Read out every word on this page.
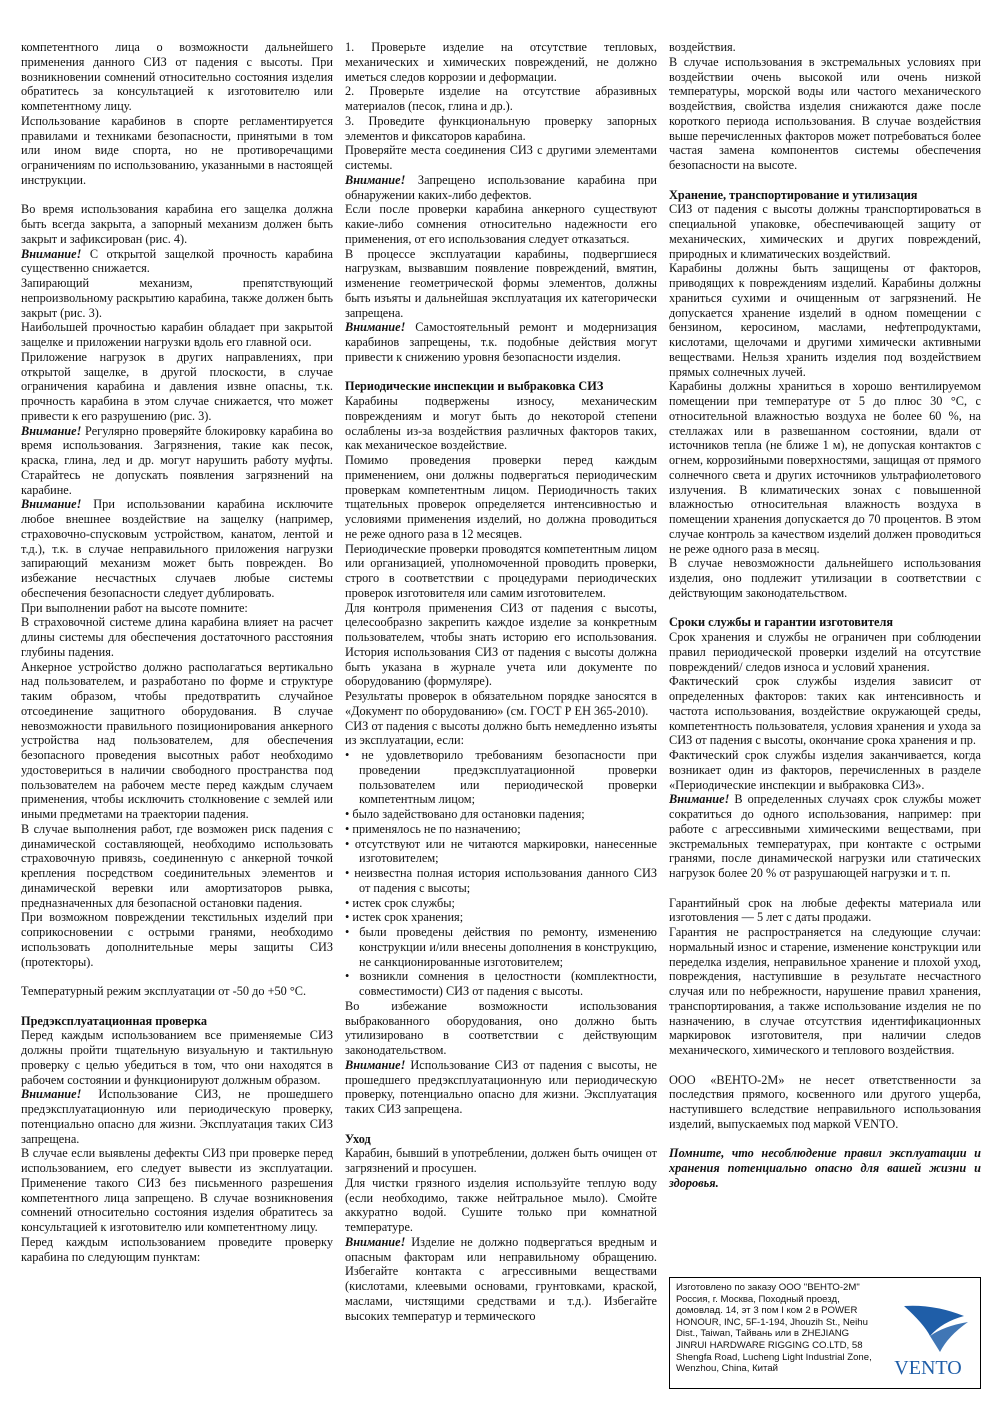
компетентного лица о возможности дальнейшего применения данного СИЗ от падения с высоты. При возникновении сомнений относительно состояния изделия обратитесь за консультацией к изготовителю или компетентному лицу.

Использование карабинов в спорте регламентируется правилами и техниками безопасности, принятыми в том или ином виде спорта, но не противоречащими ограничениям по использованию, указанными в настоящей инструкции.

Во время использования карабина его защелка должна быть всегда закрыта, а запорный механизм должен быть закрыт и зафиксирован (рис. 4).

Внимание! С открытой защелкой прочность карабина существенно снижается.

Запирающий механизм, препятствующий непроизвольному раскрытию карабина, также должен быть закрыт (рис. 3).

Наибольшей прочностью карабин обладает при закрытой защелке и приложении нагрузки вдоль его главной оси.

Приложение нагрузок в других направлениях, при открытой защелке, в другой плоскости, в случае ограничения карабина и давления извне опасны, т.к. прочность карабина в этом случае снижается, что может привести к его разрушению (рис. 3).

Внимание! Регулярно проверяйте блокировку карабина во время использования. Загрязнения, такие как песок, краска, глина, лед и др. могут нарушить работу муфты. Старайтесь не допускать появления загрязнений на карабине.

Внимание! При использовании карабина исключите любое внешнее воздействие на защелку (например, страховочно-спусковым устройством, канатом, лентой и т.д.), т.к. в случае неправильного приложения нагрузки запирающий механизм может быть поврежден. Во избежание несчастных случаев любые системы обеспечения безопасности следует дублировать.

При выполнении работ на высоте помните:

В страховочной системе длина карабина влияет на расчет длины системы для обеспечения достаточного расстояния глубины падения.

Анкерное устройство должно располагаться вертикально над пользователем, и разработано по форме и структуре таким образом, чтобы предотвратить случайное отсоединение защитного оборудования. В случае невозможности правильного позиционирования анкерного устройства над пользователем, для обеспечения безопасного проведения высотных работ необходимо удостовериться в наличии свободного пространства под пользователем на рабочем месте перед каждым случаем применения, чтобы исключить столкновение с землей или иными предметами на траектории падения.

В случае выполнения работ, где возможен риск падения с динамической составляющей, необходимо использовать страховочную привязь, соединенную с анкерной точкой крепления посредством соединительных элементов и динамической веревки или амортизаторов рывка, предназначенных для безопасной остановки падения.

При возможном повреждении текстильных изделий при соприкосновении с острыми гранями, необходимо использовать дополнительные меры защиты СИЗ (протекторы).

Температурный режим эксплуатации от -50 до +50 °С.

Предэксплуатационная проверка

Перед каждым использованием все применяемые СИЗ должны пройти тщательную визуальную и тактильную проверку с целью убедиться в том, что они находятся в рабочем состоянии и функционируют должным образом.

Внимание! Использование СИЗ, не прошедшего предэксплуатационную или периодическую проверку, потенциально опасно для жизни. Эксплуатация таких СИЗ запрещена.

В случае если выявлены дефекты СИЗ при проверке перед использованием, его следует вывести из эксплуатации. Применение такого СИЗ без письменного разрешения компетентного лица запрещено. В случае возникновения сомнений относительно состояния изделия обратитесь за консультацией к изготовителю или компетентному лицу.

Перед каждым использованием проведите проверку карабина по следующим пунктам:

1. Проверьте изделие на отсутствие тепловых, механических и химических повреждений, не должно иметься следов коррозии и деформации.

2. Проверьте изделие на отсутствие абразивных материалов (песок, глина и др.).

3. Проведите функциональную проверку запорных элементов и фиксаторов карабина.

Проверяйте места соединения СИЗ с другими элементами системы.

Внимание! Запрещено использование карабина при обнаружении каких-либо дефектов.

Если после проверки карабина анкерного существуют какие-либо сомнения относительно надежности его применения, от его использования следует отказаться.

В процессе эксплуатации карабины, подвергшиеся нагрузкам, вызвавшим появление повреждений, вмятин, изменение геометрической формы элементов, должны быть изъяты и дальнейшая эксплуатация их категорически запрещена.

Внимание! Самостоятельный ремонт и модернизация карабинов запрещены, т.к. подобные действия могут привести к снижению уровня безопасности изделия.

Периодические инспекции и выбраковка СИЗ

Карабины подвержены износу, механическим повреждениям и могут быть до некоторой степени ослаблены из-за воздействия различных факторов таких, как механическое воздействие.

Помимо проведения проверки перед каждым применением, они должны подвергаться периодическим проверкам компетентным лицом. Периодичность таких тщательных проверок определяется интенсивностью и условиями применения изделий, но должна проводиться не реже одного раза в 12 месяцев.

Периодические проверки проводятся компетентным лицом или организацией, уполномоченной проводить проверки, строго в соответствии с процедурами периодических проверок изготовителя или самим изготовителем.

Для контроля применения СИЗ от падения с высоты, целесообразно закрепить каждое изделие за конкретным пользователем, чтобы знать историю его использования. История использования СИЗ от падения с высоты должна быть указана в журнале учета или документе по оборудованию (формуляре).

Результаты проверок в обязательном порядке заносятся в «Документ по оборудованию» (см. ГОСТ Р ЕН 365-2010).

СИЗ от падения с высоты должно быть немедленно изъяты из эксплуатации, если:

• не удовлетворило требованиям безопасности при проведении предэксплуатационной проверки пользователем или периодической проверки компетентным лицом;

• было задействовано для остановки падения;

• применялось не по назначению;

• отсутствуют или не читаются маркировки, нанесенные изготовителем;

• неизвестна полная история использования данного СИЗ от падения с высоты;

• истек срок службы;

• истек срок хранения;

• были проведены действия по ремонту, изменению конструкции и/или внесены дополнения в конструкцию, не санкционированные изготовителем;

• возникли сомнения в целостности (комплектности, совместимости) СИЗ от падения с высоты.

Во избежание возможности использования выбракованного оборудования, оно должно быть утилизировано в соответствии с действующим законодательством.

Внимание! Использование СИЗ от падения с высоты, не прошедшего предэксплуатационную или периодическую проверку, потенциально опасно для жизни. Эксплуатация таких СИЗ запрещена.

Уход

Карабин, бывший в употреблении, должен быть очищен от загрязнений и просушен.

Для чистки грязного изделия используйте теплую воду (если необходимо, также нейтральное мыло). Смойте аккуратно водой. Сушите только при комнатной температуре.

Внимание! Изделие не должно подвергаться вредным и опасным факторам или неправильному обращению. Избегайте контакта с агрессивными веществами (кислотами, клеевыми основами, грунтовками, краской, маслами, чистящими средствами и т.д.). Избегайте высоких температур и термического

воздействия.

В случае использования в экстремальных условиях при воздействии очень высокой или очень низкой температуры, морской воды или частого механического воздействия, свойства изделия снижаются даже после короткого периода использования. В случае воздействия выше перечисленных факторов может потребоваться более частая замена компонентов системы обеспечения безопасности на высоте.

Хранение, транспортирование и утилизация

СИЗ от падения с высоты должны транспортироваться в специальной упаковке, обеспечивающей защиту от механических, химических и других повреждений, природных и климатических воздействий.

Карабины должны быть защищены от факторов, приводящих к повреждениям изделий. Карабины должны храниться сухими и очищенным от загрязнений. Не допускается хранение изделий в одном помещении с бензином, керосином, маслами, нефтепродуктами, кислотами, щелочами и другими химически активными веществами. Нельзя хранить изделия под воздействием прямых солнечных лучей.

Карабины должны храниться в хорошо вентилируемом помещении при температуре от 5 до плюс 30 °С, с относительной влажностью воздуха не более 60 %, на стеллажах или в развешанном состоянии, вдали от источников тепла (не ближе 1 м), не допуская контактов с огнем, коррозийными поверхностями, защищая от прямого солнечного света и других источников ультрафиолетового излучения. В климатических зонах с повышенной влажностью относительная влажность воздуха в помещении хранения допускается до 70 процентов. В этом случае контроль за качеством изделий должен проводиться не реже одного раза в месяц.

В случае невозможности дальнейшего использования изделия, оно подлежит утилизации в соответствии с действующим законодательством.

Сроки службы и гарантии изготовителя

Срок хранения и службы не ограничен при соблюдении правил периодической проверки изделий на отсутствие повреждений/ следов износа и условий хранения.

Фактический срок службы изделия зависит от определенных факторов: таких как интенсивность и частота использования, воздействие окружающей среды, компетентность пользователя, условия хранения и ухода за СИЗ от падения с высоты, окончание срока хранения и пр.

Фактический срок службы изделия заканчивается, когда возникает один из факторов, перечисленных в разделе «Периодические инспекции и выбраковка СИЗ».

Внимание! В определенных случаях срок службы может сократиться до одного использования, например: при работе с агрессивными химическими веществами, при экстремальных температурах, при контакте с острыми гранями, после динамической нагрузки или статических нагрузок более 20 % от разрушающей нагрузки и т. п.

Гарантийный срок на любые дефекты материала или изготовления — 5 лет с даты продажи.

Гарантия не распространяется на следующие случаи: нормальный износ и старение, изменение конструкции или переделка изделия, неправильное хранение и плохой уход, повреждения, наступившие в результате несчастного случая или по небрежности, нарушение правил хранения, транспортирования, а также использование изделия не по назначению, в случае отсутствия идентификационных маркировок изготовителя, при наличии следов механического, химического и теплового воздействия.

ООО «ВЕНТО-2М» не несет ответственности за последствия прямого, косвенного или другого ущерба, наступившего вследствие неправильного использования изделий, выпускаемых под маркой VENTO.

Помните, что несоблюдение правил эксплуатации и хранения потенциально опасно для вашей жизни и здоровья.

Изготовлено по заказу ООО "ВЕНТО-2М" Россия, г. Москва, Походный проезд, домовлад. 14, эт 3 пом I ком 2 в POWER HONOUR, INC, 5F-1-194, Jhouzih St., Neihu Dist., Taiwan, Тайвань или в ZHEJIANG JINRUI HARDWARE RIGGING CO.LTD, 58 Shengfa Road, Lucheng Light Industrial Zone, Wenzhou, China, Китай	VENTO
